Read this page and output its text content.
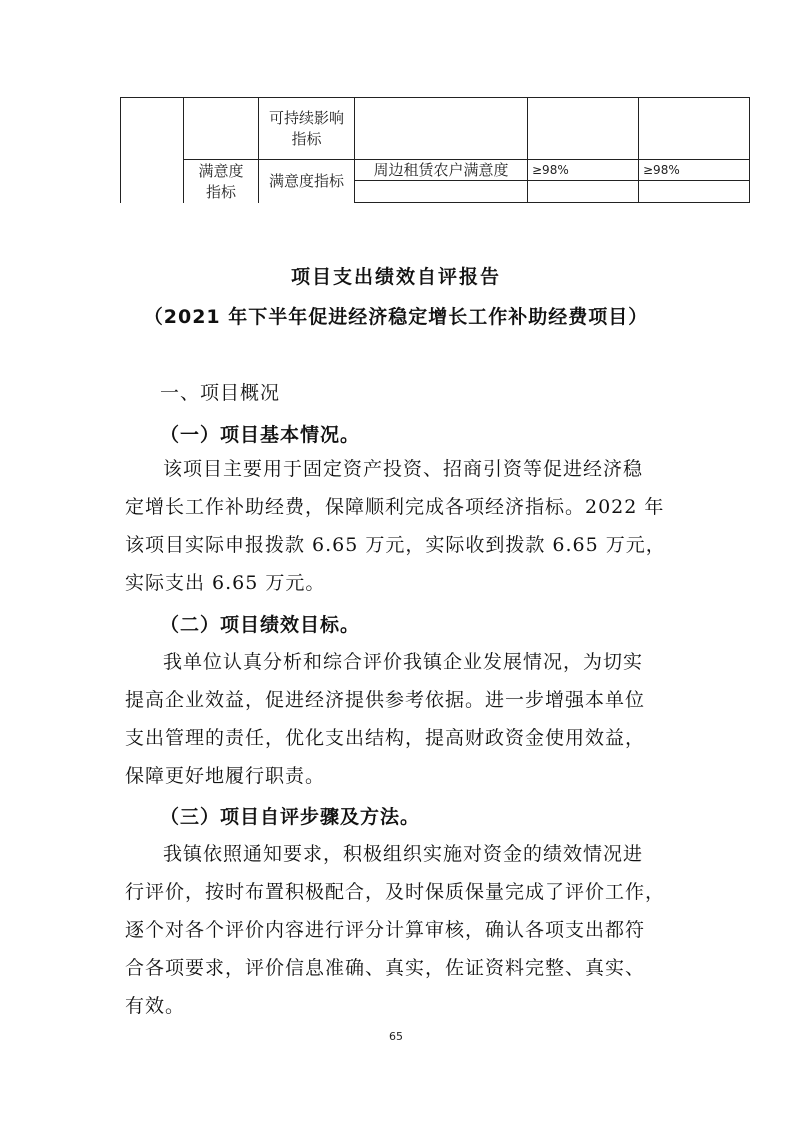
可持续影响
指标
满意度
指标
满意度指标
周边租赁农户满意度	≥98%	≥98%
项目支出绩效自评报告
（2021 年下半年促进经济稳定增长工作补助经费项目）
一、项目概况
（一）项目基本情况。
该项目主要用于固定资产投资、招商引资等促进经济稳
定增长工作补助经费，保障顺利完成各项经济指标。2022 年
该项目实际申报拨款 6.65 万元，实际收到拨款 6.65 万元，
实际支出 6.65 万元。
（二）项目绩效目标。
我单位认真分析和综合评价我镇企业发展情况，为切实
提高企业效益，促进经济提供参考依据。进一步增强本单位
支出管理的责任，优化支出结构，提高财政资金使用效益，
保障更好地履行职责。
（三）项目自评步骤及方法。
我镇依照通知要求，积极组织实施对资金的绩效情况进
行评价，按时布置积极配合，及时保质保量完成了评价工作，
逐个对各个评价内容进行评分计算审核，确认各项支出都符
合各项要求，评价信息准确、真实，佐证资料完整、真实、
有效。
65
